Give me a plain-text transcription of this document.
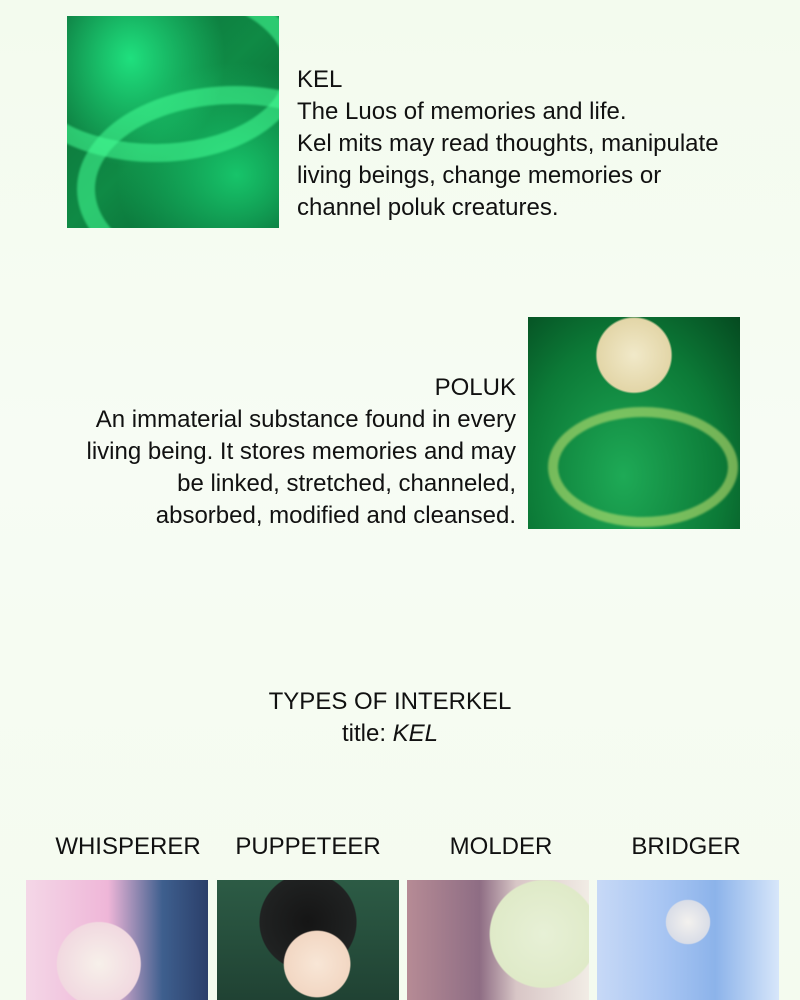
KEL
The Luos of memories and life.
Kel mits may read thoughts, manipulate
living beings, change memories or
channel poluk creatures.
POLUK
An immaterial substance found in every
living being. It stores memories and may
be linked, stretched, channeled,
absorbed, modified and cleansed.
TYPES OF INTERKEL
title: KEL
WHISPERER	PUPPETEER	MOLDER	BRIDGER
